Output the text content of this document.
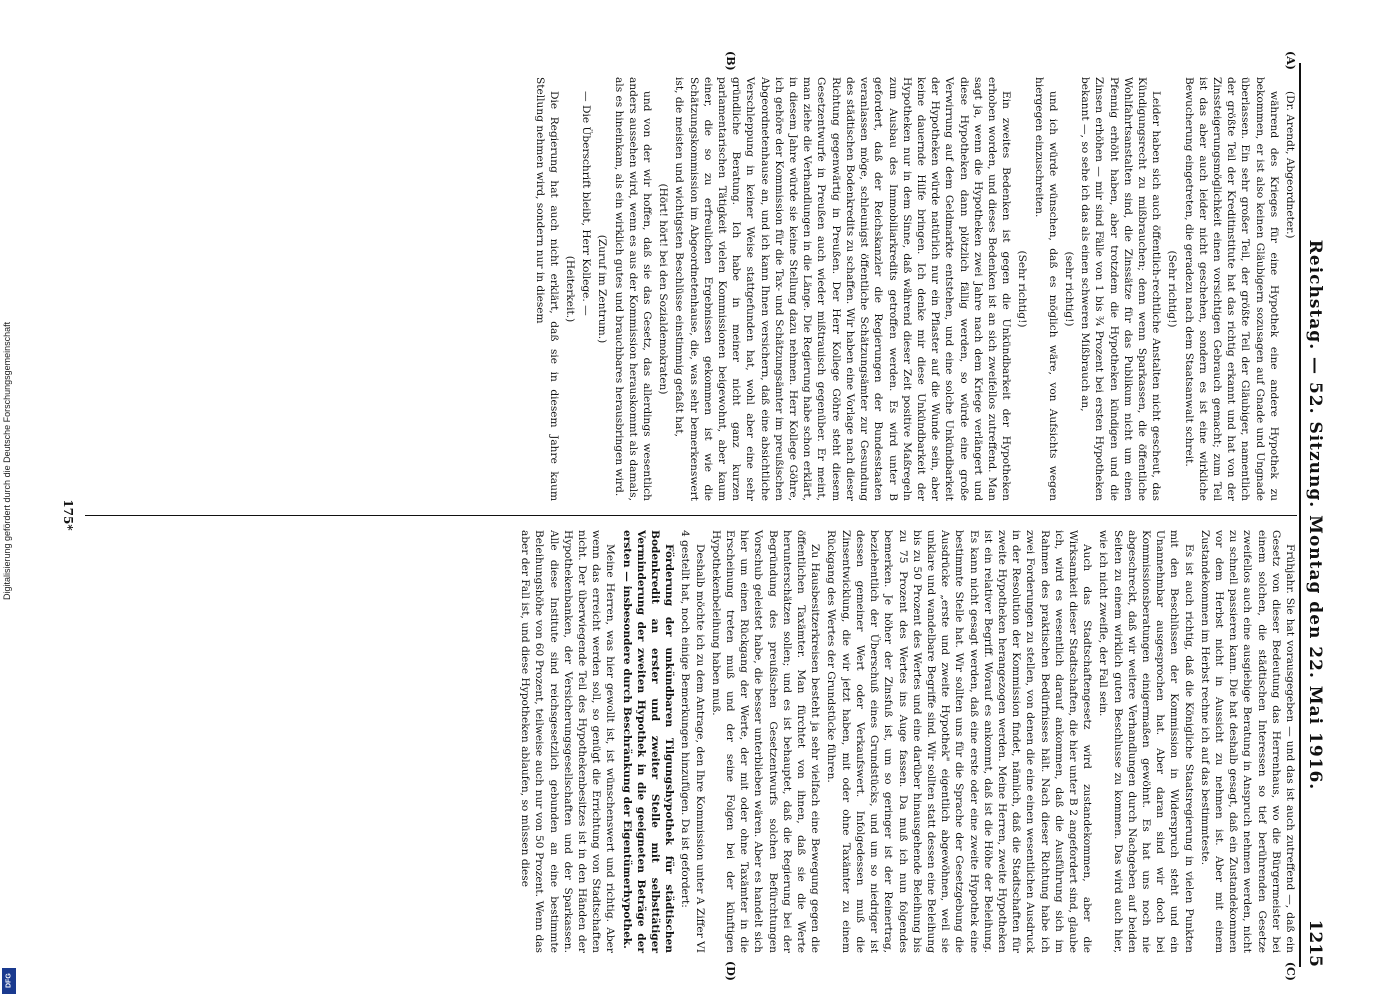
Digitalisierung gefördert durch die Deutsche Forschungsgemeinschaft
DFG
Reichstag. — 52. Sitzung. Montag den 22. Mai 1916.
1215
(A)
(B)

(Dr. Arendt, Abgeordneter.)

während des Krieges für eine Hypothek eine andere Hypothek zu bekommen, er ist also keinen Gläubigern sozusagen auf Gnade und Ungnade überlassen. Ein sehr großer Teil, der größte Teil der Gläubiger, namentlich der größte Teil der Kreditinstitute hat das richtig erkannt und hat von der Zinssteigerungsmöglichkeit einen vorsichtigen Gebrauch gemacht; zum Teil ist das aber auch leider nicht geschehen, sondern es ist eine wirkliche Bewucherung eingetreten, die geradezu nach dem Staatsanwalt schreit.

(Sehr richtig!)

Leider haben sich auch öffentlich-rechtliche Anstalten nicht gescheut, das Kündigungsrecht zu mißbrauchen; denn wenn Sparkassen, die öffentliche Wohlfahrtsanstalten sind, die Zinssätze für das Publikum nicht um einen Pfennig erhöht haben, aber trotzdem die Hypotheken kündigen und die Zinsen erhöhen — mir sind Fälle von 1 bis ¾ Prozent bei ersten Hypotheken bekannt —, so sehe ich das als einen schweren Mißbrauch an,

(sehr richtig!)

und ich würde wünschen, daß es möglich wäre, von Aufsichts wegen hiergegen einzuschreiten.

(Sehr richtig!)

Ein zweites Bedenken ist gegen die Unkündbarkeit der Hypotheken erhoben worden, und dieses Bedenken ist an sich zweifellos zutreffend. Man sagt ja, wenn die Hypotheken zwei Jahre nach dem Kriege verlängert und diese Hypotheken dann plötzlich fällig werden, so würde eine große Verwirrung auf dem Geldmarkte entstehen, und eine solche Unkündbarkeit der Hypotheken würde natürlich nur ein Pflaster auf die Wunde sein, aber keine dauernde Hilfe bringen. Ich denke mir diese Unkündbarkeit der Hypotheken nur in dem Sinne, daß während dieser Zeit positive Maßregeln zum Ausbau des Immobiliarkredits getroffen werden. Es wird unter B gefordert, daß der Reichskanzler die Regierungen der Bundesstaaten veranlassen möge, schleunigst öffentliche Schätzungsämter zur Gesundung des städtischen Bodenkredits zu schaffen. Wir haben eine Vorlage nach dieser Richtung gegenwärtig in Preußen. Der Herr Kollege Göhre steht diesem Gesetzentwurfe in Preußen auch wieder mißtrauisch gegenüber. Er meint, man ziehe die Verhandlungen in die Länge. Die Regierung habe schon erklärt, in diesem Jahre würde sie keine Stellung dazu nehmen. Herr Kollege Göhre, ich gehöre der Kommission für die Tax- und Schätzungsämter im preußischen Abgeordnetenhause an, und ich kann Ihnen versichern, daß eine absichtliche Verschleppung in keiner Weise stattgefunden hat, wohl aber eine sehr gründliche Beratung. Ich habe in meiner nicht ganz kurzen parlamentarischen Tätigkeit vielen Kommissionen beigewohnt, aber kaum einer, die so zu erfreulichen Ergebnissen gekommen ist wie die Schätzungskommission im Abgeordnetenhause, die, was sehr bemerkenswert ist, die meisten und wichtigsten Beschlüsse einstimmig gefaßt hat,

(Hört! hört! bei den Sozialdemokraten)

und von der wir hoffen, daß sie das Gesetz, das allerdings wesentlich anders aussehen wird, wenn es aus der Kommission herauskommt als damals, als es hineinkam, als ein wirklich gutes und brauchbares herausbringen wird.

(Zuruf im Zentrum.)

— Die Überschrift bleibt, Herr Kollege. —

(Heiterkeit.)

Die Regierung hat auch nicht erklärt, daß sie in diesem Jahre kaum Stellung nehmen wird, sondern nur in diesem

(C)
(D)

Frühjahr. Sie hat vorausgegeben — und das ist auch zutreffend —, daß ein Gesetz von dieser Bedeutung das Herrenhaus, wo die Bürgermeister bei einem solchen, die städtischen Interessen so tief berührenden Gesetze zweifellos auch eine ausgiebige Beratung in Anspruch nehmen werden, nicht zu schnell passieren kann. Die hat deshalb gesagt, daß ein Zustandekommen vor dem Herbst nicht in Aussicht zu nehmen ist. Aber mit einem Zustandekommen im Herbst rechne ich auf das bestimmteste.

Es ist auch richtig, daß die Königliche Staatsregierung in vielen Punkten mit den Beschlüssen der Kommission in Widerspruch steht und ein Unannehmbar ausgesprochen hat. Aber daran sind wir doch bei Kommissionsberatungen einigermaßen gewöhnt. Es hat uns noch nie abgeschreckt, daß wir weitere Verhandlungen durch Nachgeben auf beiden Seiten zu einem wirklich guten Beschlusse zu kommen. Das wird auch hier, wie ich nicht zweifle, der Fall sein.

Auch das Stadtschaftengesetz wird zustandekommen, aber die Wirksamkeit dieser Stadtschaften, die hier unter B 2 angefordert sind, glaube ich, wird es wesentlich darauf ankommen, daß die Ausführung sich im Rahmen des praktischen Bedürfnisses hält. Nach dieser Richtung habe ich zwei Forderungen zu stellen, von denen die eine einen wesentlichen Ausdruck in der Resolution der Kommission findet, nämlich, daß die Stadtschaften für zweite Hypotheken herangezogen werden. Meine Herren, zweite Hypotheken ist ein relativer Begriff. Worauf es ankommt, daß ist die Höhe der Beleihung. Es kann nicht gesagt werden, daß eine erste oder eine zweite Hypothek eine bestimmte Stelle hat. Wir sollten uns für die Sprache der Gesetzgebung die Ausdrücke „erste und zweite Hypothek" eigentlich abgewöhnen, weil sie unklare und wandelbare Begriffe sind. Wir sollten statt dessen eine Beleihung bis zu 50 Prozent des Wertes und eine darüber hinausgehende Beleihung bis zu 75 Prozent des Wertes ins Auge fassen. Da muß ich nun folgendes bemerken. Je höher der Zinsfuß ist, um so geringer ist der Reinertrag, beziehentlich der Überschuß eines Grundstücks, und um so niedriger ist dessen gemeiner Wert oder Verkaufswert. Infolgedessen muß die Zinsentwicklung, die wir jetzt haben, mit oder ohne Taxämter zu einem Rückgang des Wertes der Grundstücke führen.

Zu Hausbesitzerkreisen besteht ja sehr vielfach eine Bewegung gegen die öffentlichen Taxämter. Man fürchtet von ihnen, daß sie die Werte herunterschätzen sollen; und es ist behauptet, daß die Regierung bei der Begründung des preußischen Gesetzentwurfs solchen Befürchtungen Vorschub geleistet habe, die besser unterblieben wären. Aber es handelt sich hier um einen Rückgang der Werte, der mit oder ohne Taxämter in die Erscheinung treten muß und der seine Folgen bei der künftigen Hypothekenbeleihung haben muß.

Deshalb möchte ich zu dem Antrage, den Ihre Kommission unter A Ziffer VI 4 gestellt hat, noch einige Bemerkungen hinzufügen. Da ist gefordert:

Förderung der unkündbaren Tilgungshypothek für städtischen Bodenkredit an erster und zweiter Stelle mit selbsttätiger Verminderung der zweiten Hypothek in die geeigneten Beträge der ersten — insbesondere durch Beschränkung der Eigentümerhypothek.

Meine Herren, was hier gewollt ist, ist wünschenswert und richtig. Aber wenn das erreicht werden soll, so genügt die Errichtung von Stadtschaften nicht. Der überwiegende Teil des Hypothekenbesitzes ist in den Händen der Hypothekenbanken, der Versicherungsgesellschaften und der Sparkassen. Alle diese Institute sind reichsgesetzlich gebunden an eine bestimmte Beleihungshöhe von 60 Prozent, teilweise auch nur von 50 Prozent. Wenn das aber der Fall ist, und diese Hypotheken ablaufen, so müssen diese

175*
